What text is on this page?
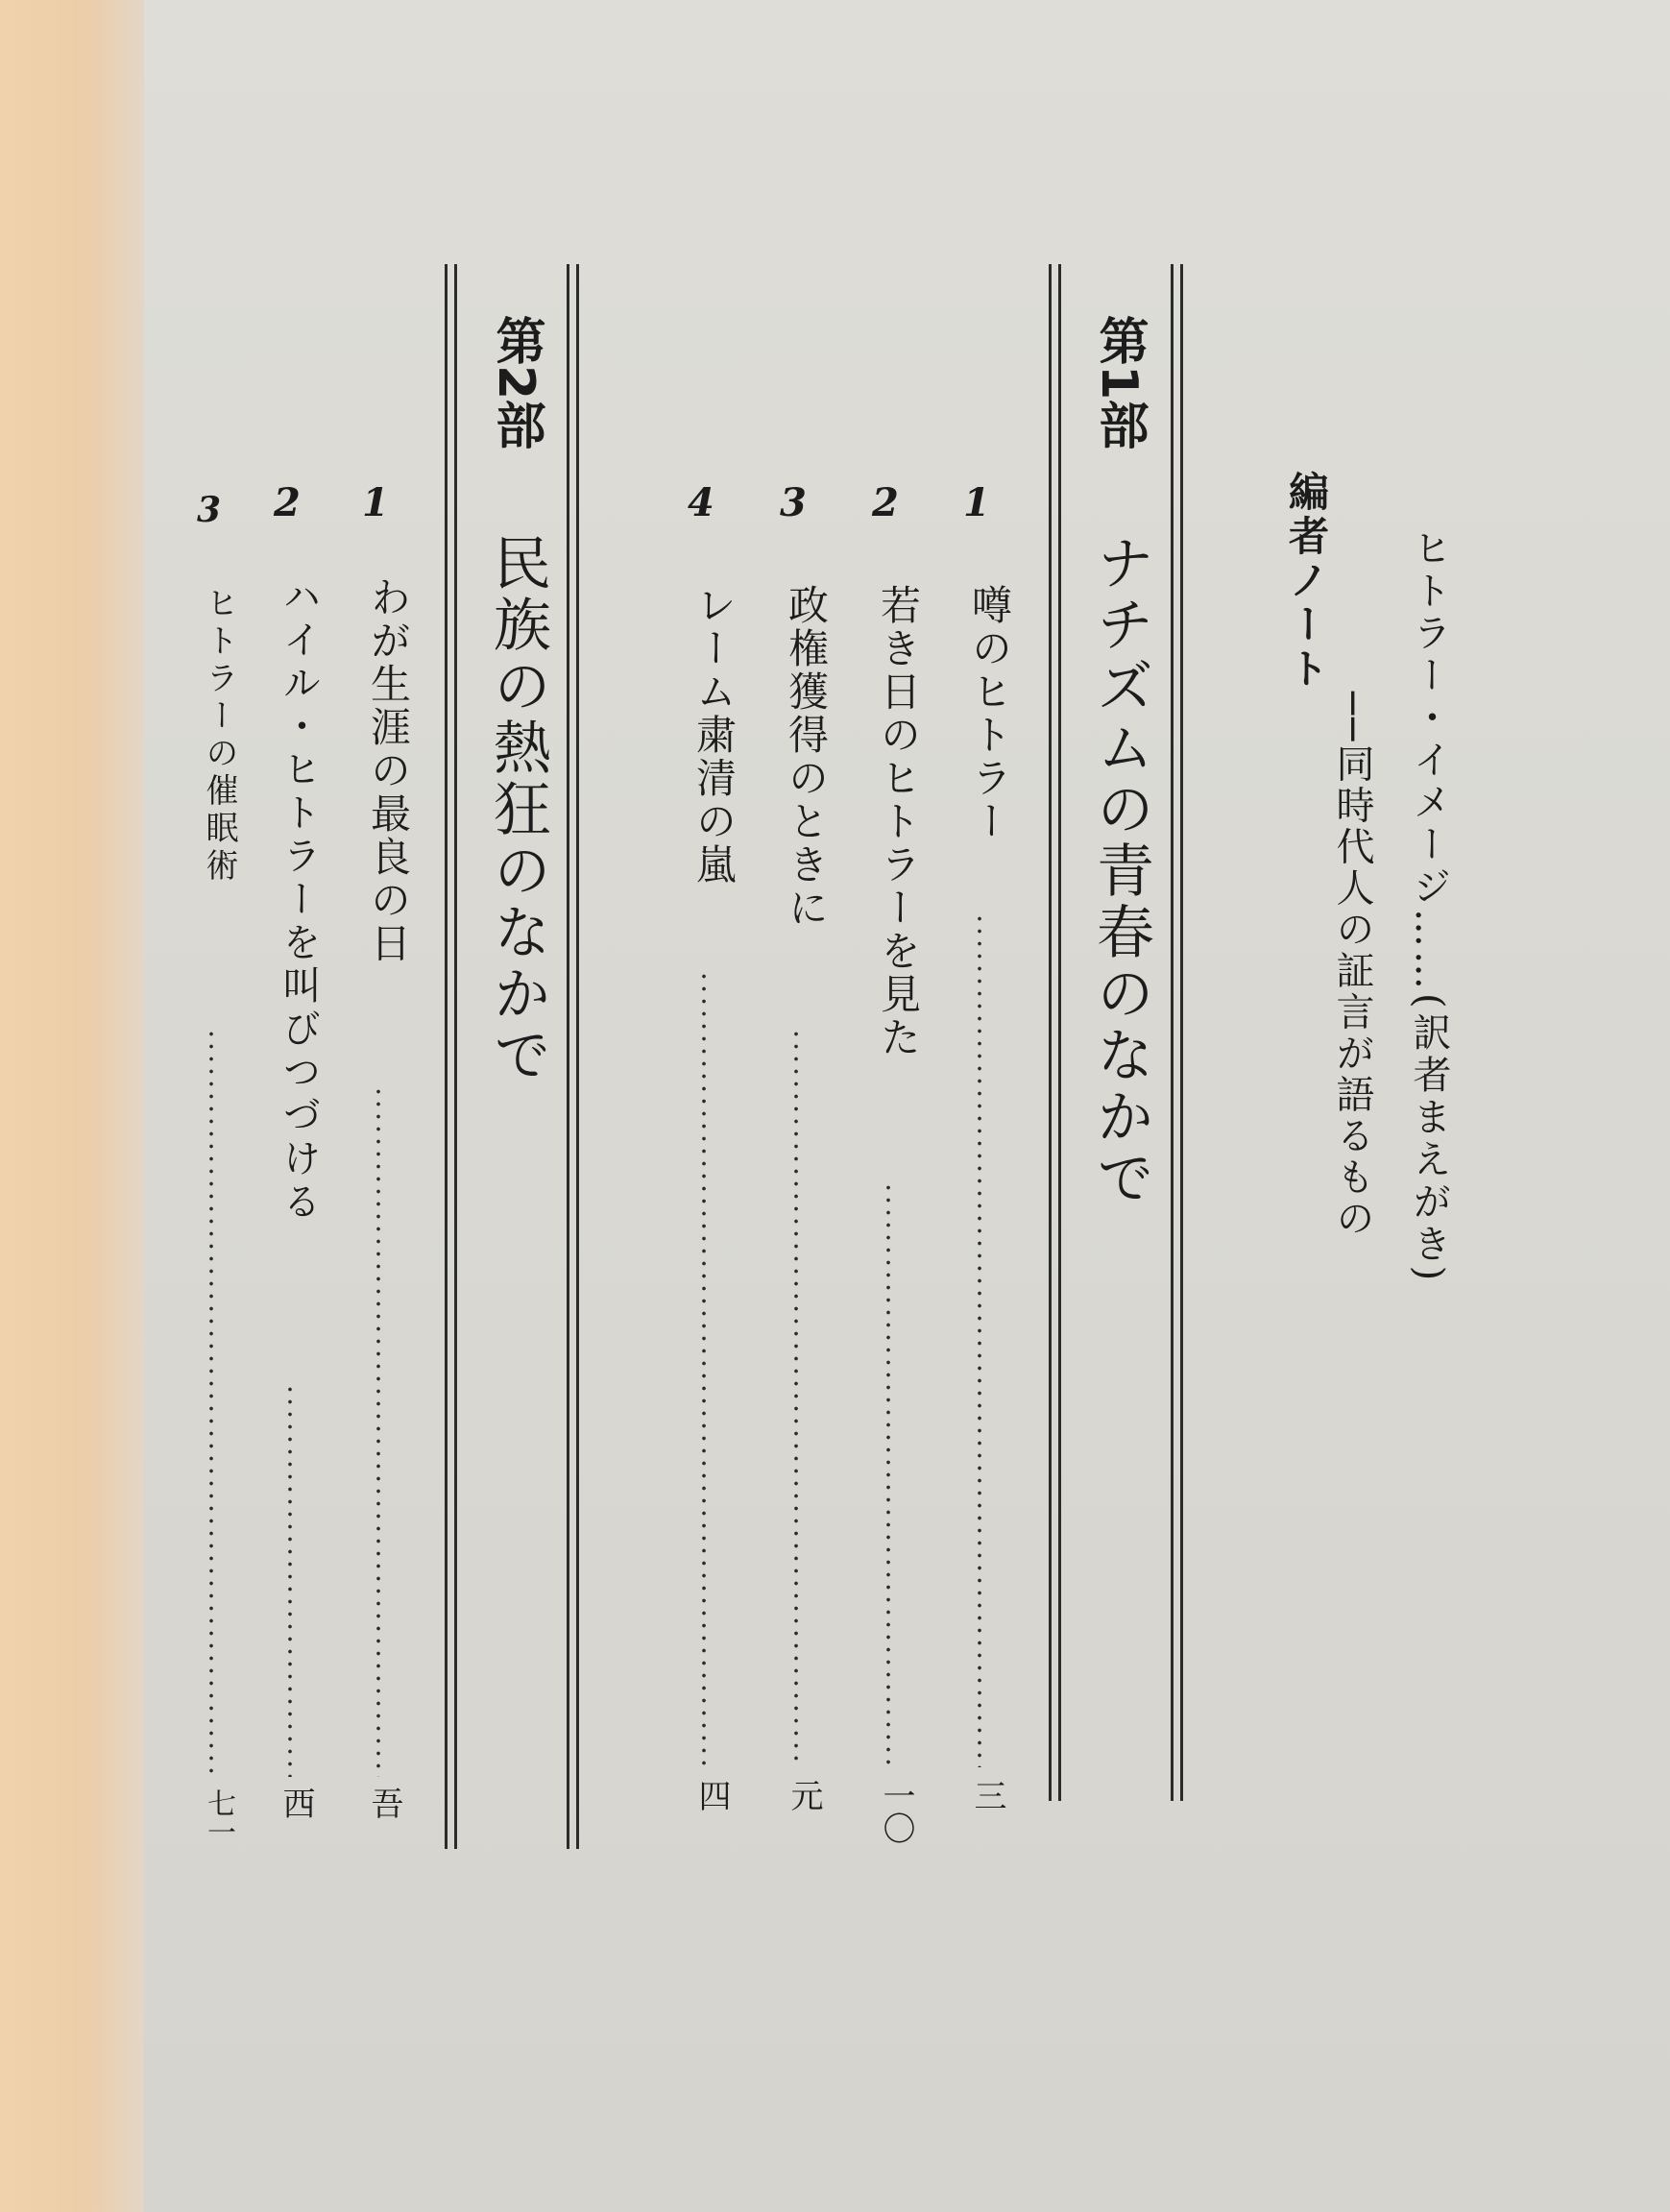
ヒトラー・イメージ……(訳者まえがき)
──同時代人の証言が語るもの
編者ノート
第1部
ナチズムの青春のなかで
1
噂のヒトラー
三
2
若き日のヒトラーを見た
一〇
3
政権獲得のときに
元
4
レーム粛清の嵐
四
第2部
民族の熱狂のなかで
1
わが生涯の最良の日
吾
2
ハイル・ヒトラーを叫びつづける
西
3
ヒトラーの催眠術
七一
